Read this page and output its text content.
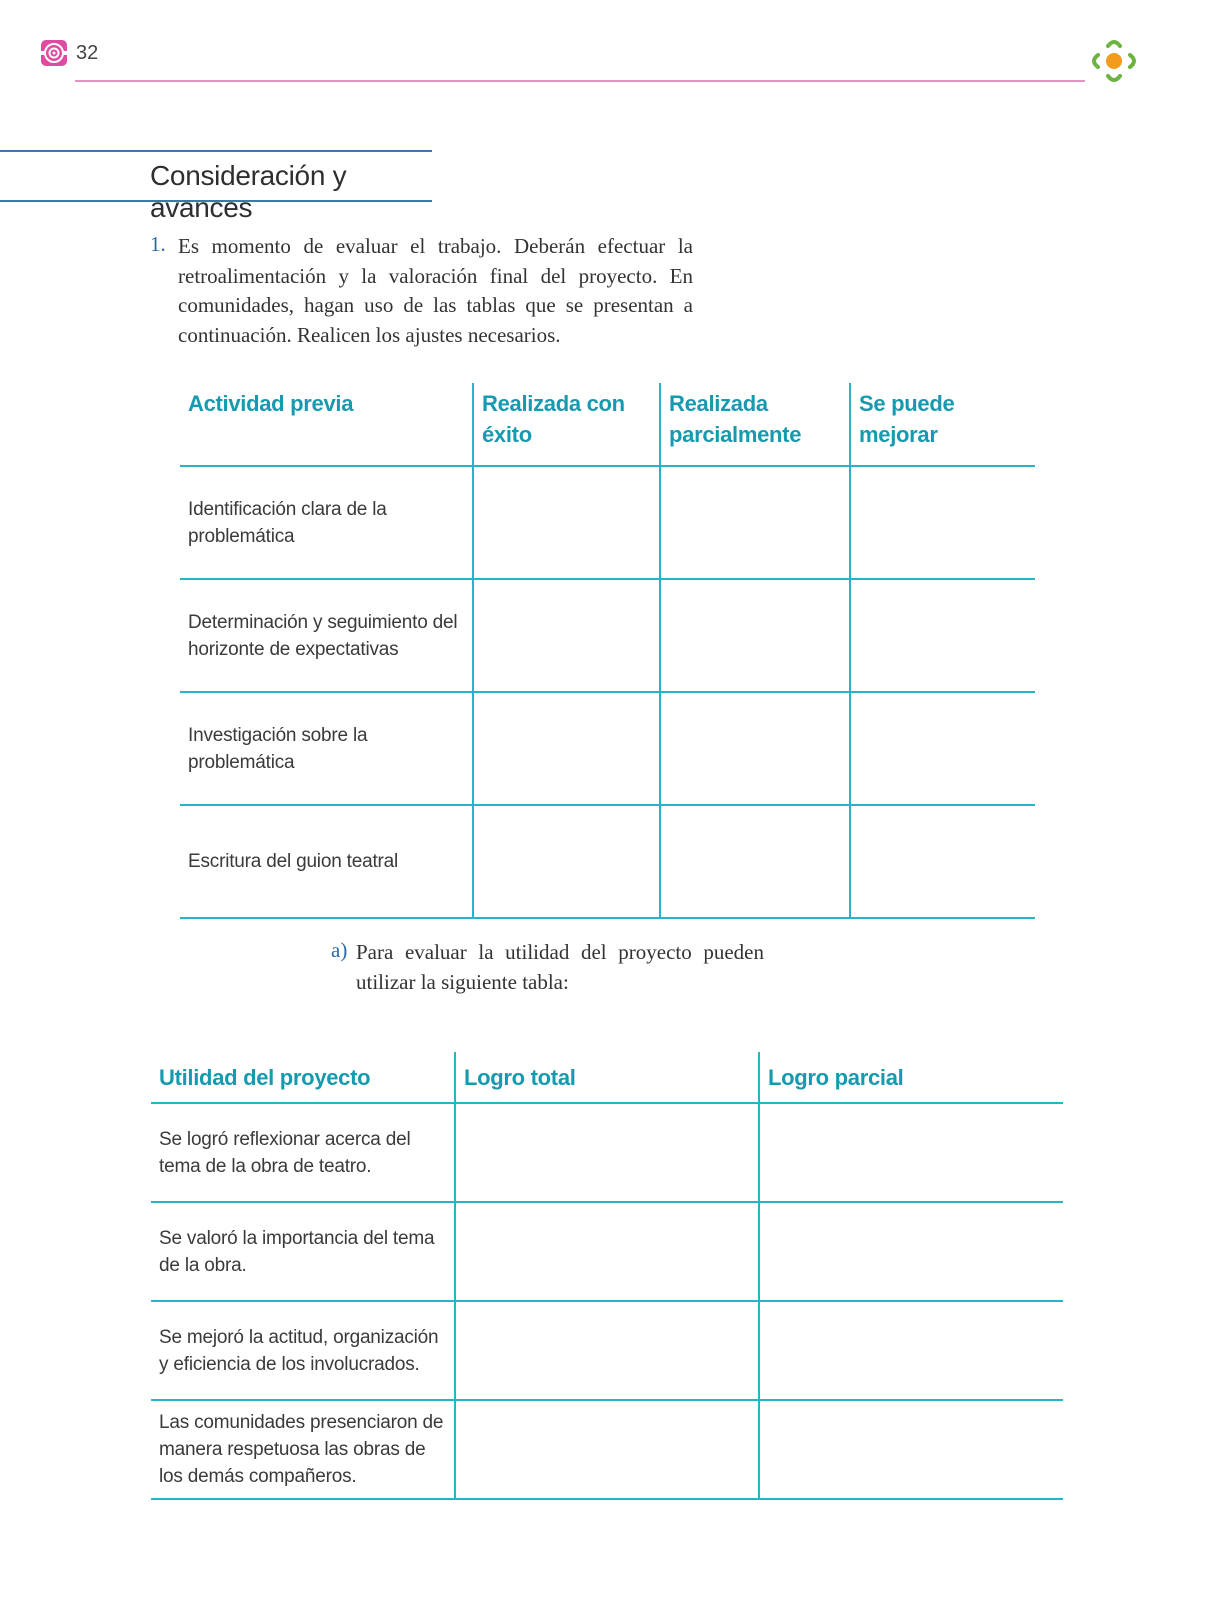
32
Consideración y avances
1. Es momento de evaluar el trabajo. Deberán efectuar la retroalimentación y la valoración final del proyecto. En comunidades, hagan uso de las tablas que se presentan a continuación. Realicen los ajustes necesarios.
Actividad previa	Realizada con éxito	Realizada parcialmente	Se puede mejorar
Identificación clara de la problemática			
Determinación y seguimiento del horizonte de expectativas			
Investigación sobre la problemática			
Escritura del guion teatral			
a) Para evaluar la utilidad del proyecto pueden utilizar la siguiente tabla:
Utilidad del proyecto	Logro total	Logro parcial
Se logró reflexionar acerca del tema de la obra de teatro.		
Se valoró la importancia del tema de la obra.		
Se mejoró la actitud, organización y eficiencia de los involucrados.		
Las comunidades presenciaron de manera respetuosa las obras de los demás compañeros.		
